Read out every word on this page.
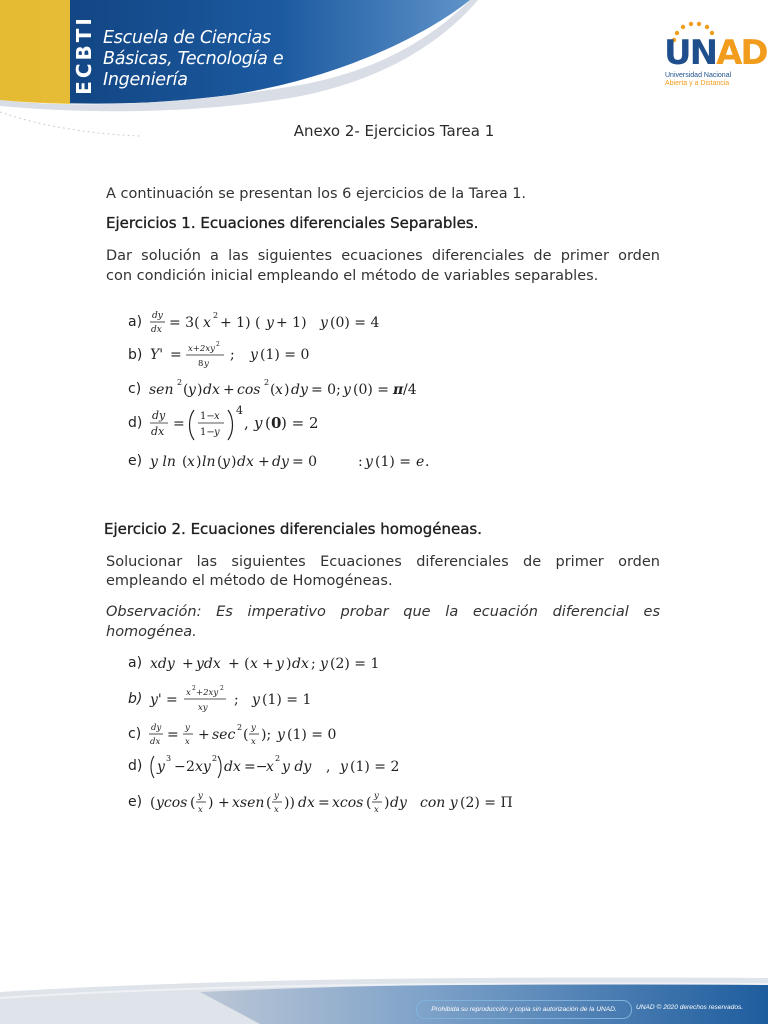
ECBTI Escuela de Ciencias
Básicas, Tecnología e
Ingeniería
UNAD
Universidad Nacional
Abierta y a Distancia
Anexo 2- Ejercicios Tarea 1
A continuación se presentan los 6 ejercicios de la Tarea 1.
Ejercicios 1. Ecuaciones diferenciales Separables.
Dar solución a las siguientes ecuaciones diferenciales de primer orden
con condición inicial empleando el método de variables separables.
a) dy
dx = 3( x 2 + 1) ( y + 1) y (0) = 4
b) Y' = x+2xy 2
8 y
; y (1) = 0
c) sen 2 ( y ) dx + cos 2 ( x ) dy = 0; y (0) = π /4
d) dy
dx = 1− x
1− y
4
, y ( 0 ) = 2
e) y ln ( x ) ln ( y ) dx + dy = 0	: y (1) = e .
Ejercicio 2. Ecuaciones diferenciales homogéneas.
Solucionar las siguientes Ecuaciones diferenciales de primer orden
empleando el método de Homogéneas.
Observación: Es imperativo probar que la ecuación diferencial es
homogénea.
a) xdy + ydx + ( x + y ) dx ; y (2) = 1
b) y' = x 2 +2xy 2
xy ; y (1) = 1
c) dy
dx = y
x + sec 2 ( y
x ); y (1) = 0
d) y
3
− 2 xy
2
dx =−
x
2
y dy , y (1) = 2
e) ( ycos ( y
x ) + xsen ( y
x )) dx = xcos ( y
x ) dy con y (2) = Π
Prohibida su reproducción y copia sin autorización de la UNAD.	UNAD © 2020 derechos reservados.
